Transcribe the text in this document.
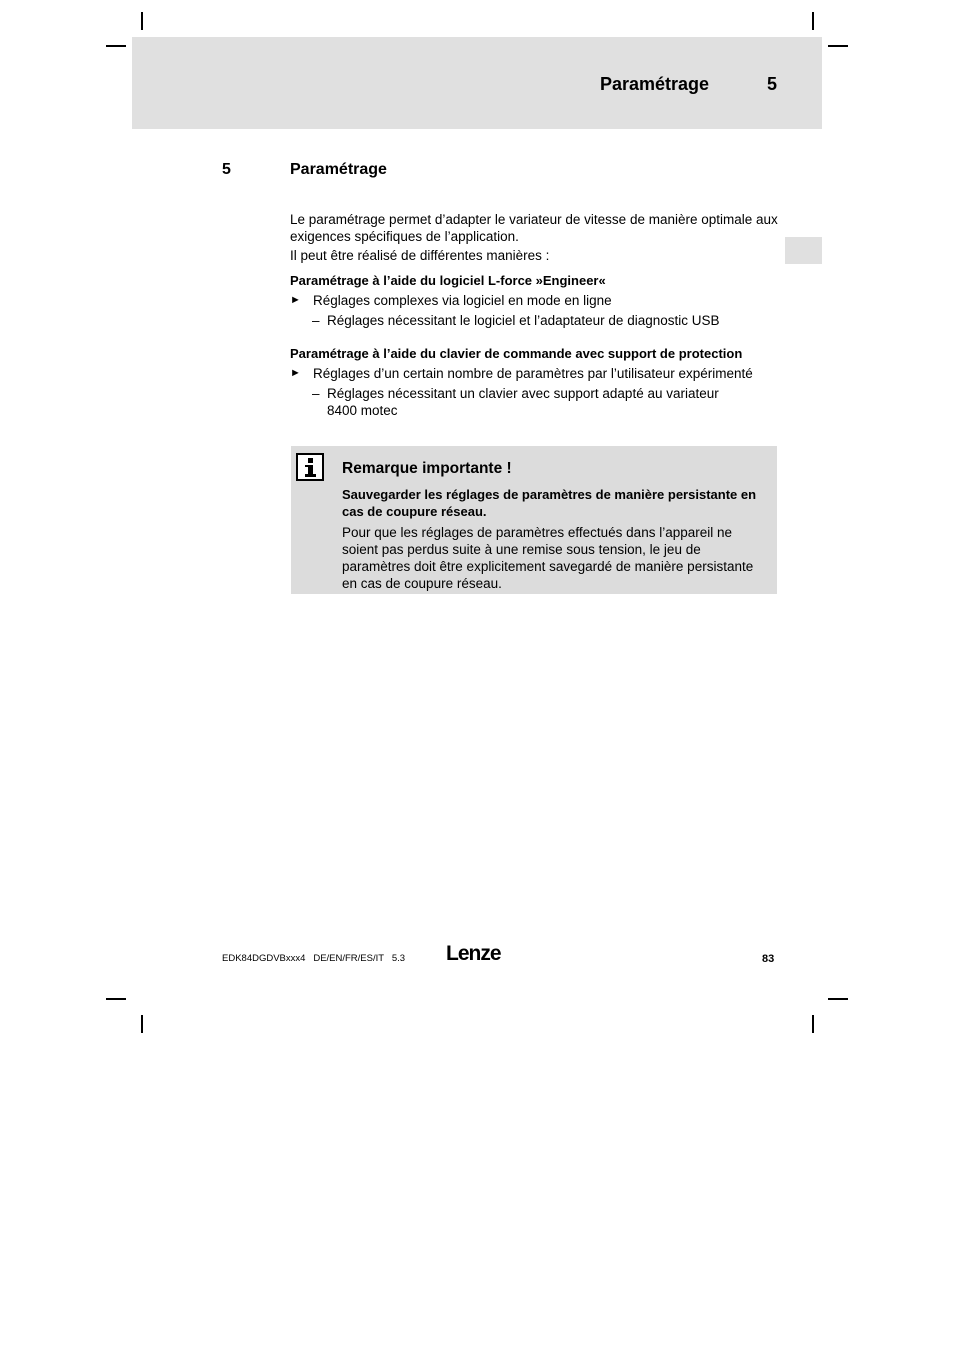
Paramétrage	5
5	Paramétrage

Le paramétrage permet d’adapter le variateur de vitesse de manière optimale aux exigences spécifiques de l’application.

Il peut être réalisé de différentes manières :

Paramétrage à l’aide du logiciel L-force »Engineer«

► Réglages complexes via logiciel en mode en ligne
– Réglages nécessitant le logiciel et l’adaptateur de diagnostic USB

Paramétrage à l’aide du clavier de commande avec support de protection

► Réglages d’un certain nombre de paramètres par l’utilisateur expérimenté
– Réglages nécessitant un clavier avec support adapté au variateur 8400 motec
Remarque importante !
Sauvegarder les réglages de paramètres de manière persistante en cas de coupure réseau.
Pour que les réglages de paramètres effectués dans l’appareil ne soient pas perdus suite à une remise sous tension, le jeu de paramètres doit être explicitement savegardé de manière persistante en cas de coupure réseau.
EDK84DGDVBxxx4   DE/EN/FR/ES/IT   5.3 Lenze	83
